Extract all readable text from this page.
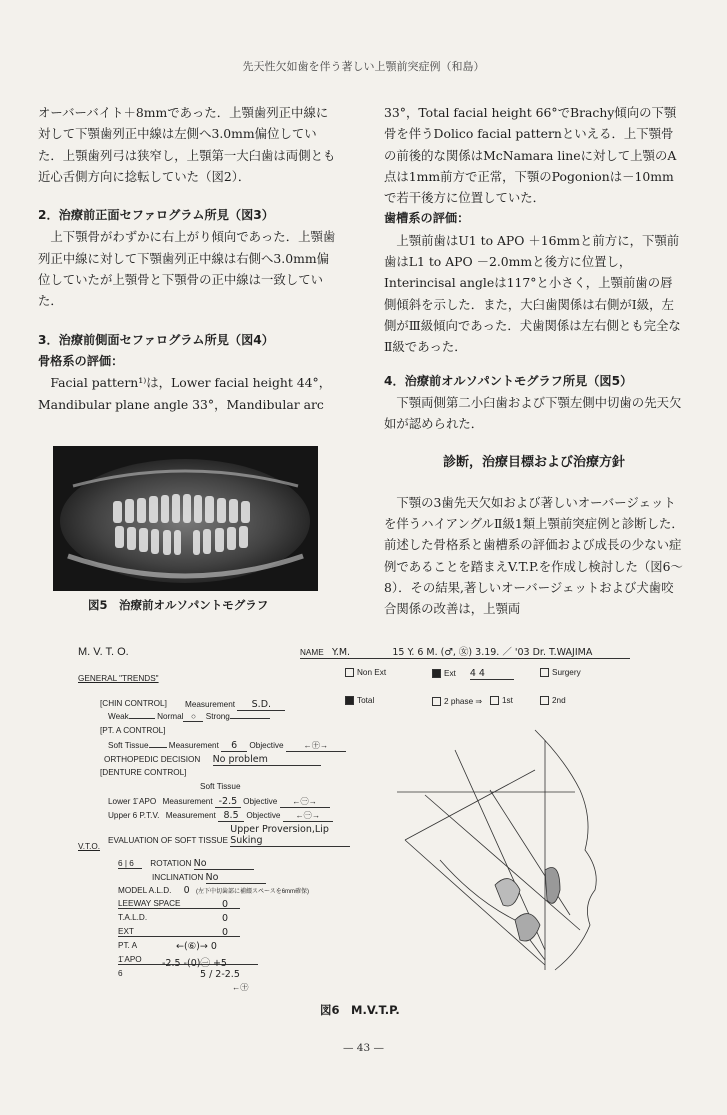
先天性欠如歯を伴う著しい上顎前突症例（和島）

オーバーバイト＋8mmであった．上顎歯列正中線に対して下顎歯列正中線は左側へ3.0mm偏位していた．上顎歯列弓は狭窄し，上顎第一大臼歯は両側とも近心舌側方向に捻転していた（図2）．

2．治療前正面セファログラム所見（図3）

上下顎骨がわずかに右上がり傾向であった．上顎歯列正中線に対して下顎歯列正中線は右側へ3.0mm偏位していたが上顎骨と下顎骨の正中線は一致していた．

3．治療前側面セファログラム所見（図4）

骨格系の評価：

Facial pattern¹⁾は，Lower facial height 44°，Mandibular plane angle 33°，Mandibular arc

33°，Total facial height 66°でBrachy傾向の下顎骨を伴うDolico facial patternといえる．上下顎骨の前後的な関係はMcNamara lineに対して上顎のA点は1mm前方で正常，下顎のPogonionは－10mmで若干後方に位置していた．

歯槽系の評価：

上顎前歯はU1 to APO ＋16mmと前方に，下顎前歯はL1 to APO －2.0mmと後方に位置し，Interincisal angleは117°と小さく，上顎前歯の唇側傾斜を示した．また，大臼歯関係は右側がⅠ級，左側がⅢ級傾向であった．犬歯関係は左右側とも完全なⅡ級であった．

4．治療前オルソパントモグラフ所見（図5）

下顎両側第二小臼歯および下顎左側中切歯の先天欠如が認められた．

診断，治療目標および治療方針

下顎の3歯先天欠如および著しいオーバージェットを伴うハイアングルⅡ級1類上顎前突症例と診断した．前述した骨格系と歯槽系の評価および成長の少ない症例であることを踏まえV.T.P.を作成し検討した（図6～8）．その結果,著しいオーバージェットおよび犬歯咬合関係の改善は，上顎両

図5　治療前オルソパントモグラフ
M. V. T. O.	NAME Y.M.	15 Y. 6 M. (♂, ㊛) 3.19. ／ '03 Dr. T.WAJIMA
GENERAL "TRENDS"
Non Ext	Ext 4 4	Surgery
Total	2 phase ⇒	1st	2nd
[CHIN CONTROL] Measurement S.D.
Weak	Normal ○ Strong
[PT. A CONTROL]
Soft Tissue Measurement 6 Objective ←㊉→
ORTHOPEDIC DECISION No problem
[DENTURE CONTROL]
Soft Tissue
Lower 1̄ APO Measurement -2.5 Objective ←㊀→
Upper 6 P.T.V. Measurement 8.5 Objective ←㊀→
EVALUATION OF SOFT TISSUE Upper Proversion,Lip Suking
V.T.O.
6 | 6 ROTATION No
INCLINATION No
MODEL A.L.D. 0 (左下中切歯部に補綴スペースを6mm確保)
LEEWAY SPACE	0
T.A.L.D.	0
EXT	0
PT. A	←(⑥)→ 0
1̄ APO -2.5 -(0)㊀ +5
6	5 / 2-2.5
←㊉
図6　M.V.T.P.
— 43 —
